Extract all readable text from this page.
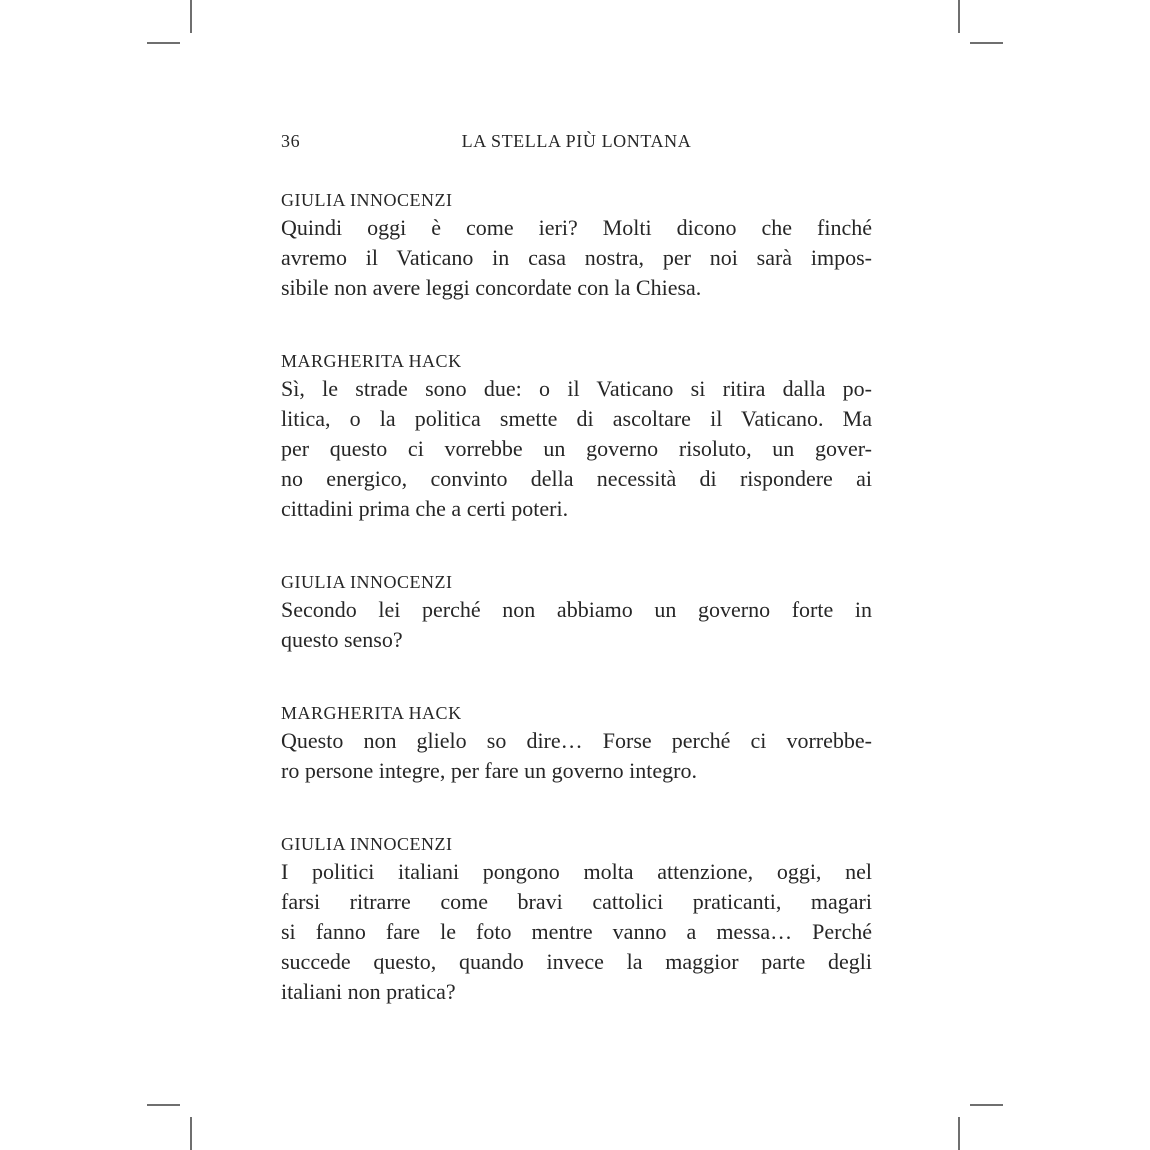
36	LA STELLA PIÙ LONTANA
GIULIA INNOCENZI
Quindi oggi è come ieri? Molti dicono che finché
avremo il Vaticano in casa nostra, per noi sarà impos-
sibile non avere leggi concordate con la Chiesa.
MARGHERITA HACK
Sì, le strade sono due: o il Vaticano si ritira dalla po-
litica, o la politica smette di ascoltare il Vaticano. Ma
per questo ci vorrebbe un governo risoluto, un gover-
no energico, convinto della necessità di rispondere ai
cittadini prima che a certi poteri.
GIULIA INNOCENZI
Secondo lei perché non abbiamo un governo forte in
questo senso?
MARGHERITA HACK
Questo non glielo so dire… Forse perché ci vorrebbe-
ro persone integre, per fare un governo integro.
GIULIA INNOCENZI
I politici italiani pongono molta attenzione, oggi, nel
farsi ritrarre come bravi cattolici praticanti, magari
si fanno fare le foto mentre vanno a messa… Perché
succede questo, quando invece la maggior parte degli
italiani non pratica?
